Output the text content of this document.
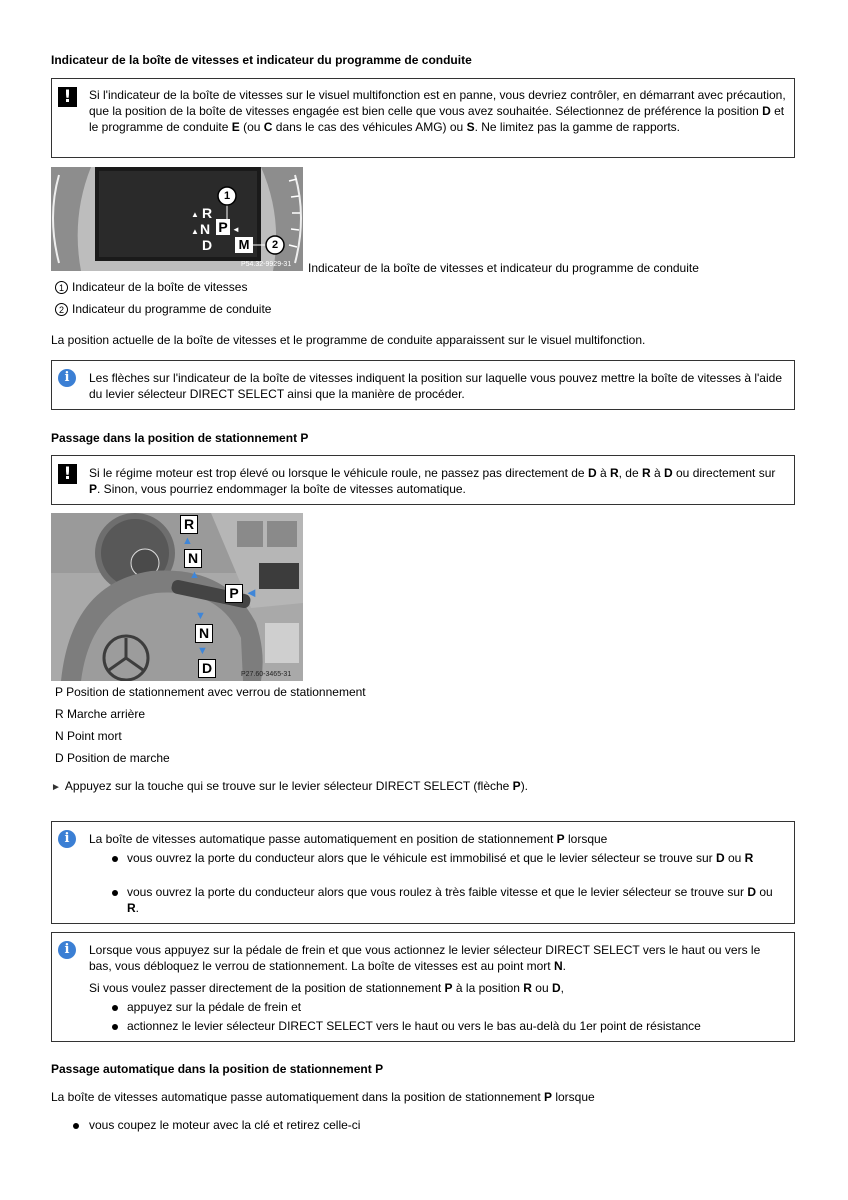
Indicateur de la boîte de vitesses et indicateur du programme de conduite
!	Si l'indicateur de la boîte de vitesses sur le visuel multifonction est en panne, vous devriez contrôler, en démarrant avec précaution, que la position de la boîte de vitesses engagée est bien celle que vous avez souhaitée. Sélectionnez de préférence la position D et le programme de conduite E (ou C dans le cas des véhicules AMG) ou S. Ne limitez pas la gamme de rapports.
R
▲
N
▲ P ◄
D M
1
2
P54.32-9929-31 Indicateur de la boîte de vitesses et indicateur du programme de conduite
1 Indicateur de la boîte de vitesses
2 Indicateur du programme de conduite
La position actuelle de la boîte de vitesses et le programme de conduite apparaissent sur le visuel multifonction.
i	Les flèches sur l'indicateur de la boîte de vitesses indiquent la position sur laquelle vous pouvez mettre la boîte de vitesses à l'aide du levier sélecteur DIRECT SELECT ainsi que la manière de procéder.
Passage dans la position de stationnement P
!	Si le régime moteur est trop élevé ou lorsque le véhicule roule, ne passez pas directement de D à R, de R à D ou directement sur P. Sinon, vous pourriez endommager la boîte de vitesses automatique.
R
▲
N
▲
P ◄
▼
N
▼
D	P27.60-3465-31
P Position de stationnement avec verrou de stationnement
R Marche arrière
N Point mort
D Position de marche
► Appuyez sur la touche qui se trouve sur le levier sélecteur DIRECT SELECT (flèche P).
i	La boîte de vitesses automatique passe automatiquement en position de stationnement P lorsque
vous ouvrez la porte du conducteur alors que le véhicule est immobilisé et que le levier sélecteur se trouve sur D ou R
vous ouvrez la porte du conducteur alors que vous roulez à très faible vitesse et que le levier sélecteur se trouve sur D ou R.
i	Lorsque vous appuyez sur la pédale de frein et que vous actionnez le levier sélecteur DIRECT SELECT vers le haut ou vers le bas, vous débloquez le verrou de stationnement. La boîte de vitesses est au point mort N.
Si vous voulez passer directement de la position de stationnement P à la position R ou D,
appuyez sur la pédale de frein et
actionnez le levier sélecteur DIRECT SELECT vers le haut ou vers le bas au-delà du 1er point de résistance
Passage automatique dans la position de stationnement P
La boîte de vitesses automatique passe automatiquement dans la position de stationnement P lorsque
vous coupez le moteur avec la clé et retirez celle-ci
